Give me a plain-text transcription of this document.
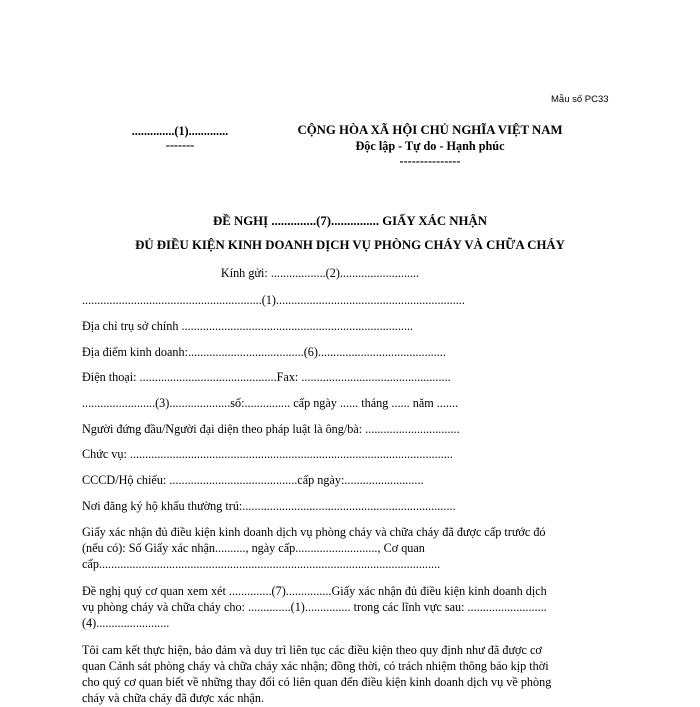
Mẫu số PC33
..............(1).............
-------
CỘNG HÒA XÃ HỘI CHỦ NGHĨA VIỆT NAM
Độc lập - Tự do - Hạnh phúc
---------------
ĐỀ NGHỊ ..............(7)............... GIẤY XÁC NHẬN
ĐỦ ĐIỀU KIỆN KINH DOANH DỊCH VỤ PHÒNG CHÁY VÀ CHỮA CHÁY
Kính gửi: ..................(2)..........................
...........................................................(1)..............................................................
Địa chỉ trụ sở chính ............................................................................
Địa điểm kinh doanh:......................................(6)..........................................
Điện thoại: .............................................Fax: .................................................
........................(3)....................số:............... cấp ngày ...... tháng ...... năm .......
Người đứng đầu/Người đại diện theo pháp luật là ông/bà: ...............................
Chức vụ: ..........................................................................................................
CCCD/Hộ chiếu: ..........................................cấp ngày:..........................
Nơi đăng ký hộ khẩu thường trú:......................................................................
Giấy xác nhận đủ điều kiện kinh doanh dịch vụ phòng cháy và chữa cháy đã được cấp trước đó
(nếu có): Số Giấy xác nhận.........., ngày cấp..........................., Cơ quan
cấp................................................................................................................
Đề nghị quý cơ quan xem xét ..............(7)...............Giấy xác nhận đủ điều kiện kinh doanh dịch
vụ phòng cháy và chữa cháy cho: ..............(1)............... trong các lĩnh vực sau: ..........................
(4)........................
Tôi cam kết thực hiện, bảo đảm và duy trì liên tục các điều kiện theo quy định như đã được cơ
quan Cảnh sát phòng cháy và chữa cháy xác nhận; đồng thời, có trách nhiệm thông báo kịp thời
cho quý cơ quan biết về những thay đổi có liên quan đến điều kiện kinh doanh dịch vụ về phòng
cháy và chữa cháy đã được xác nhận.
